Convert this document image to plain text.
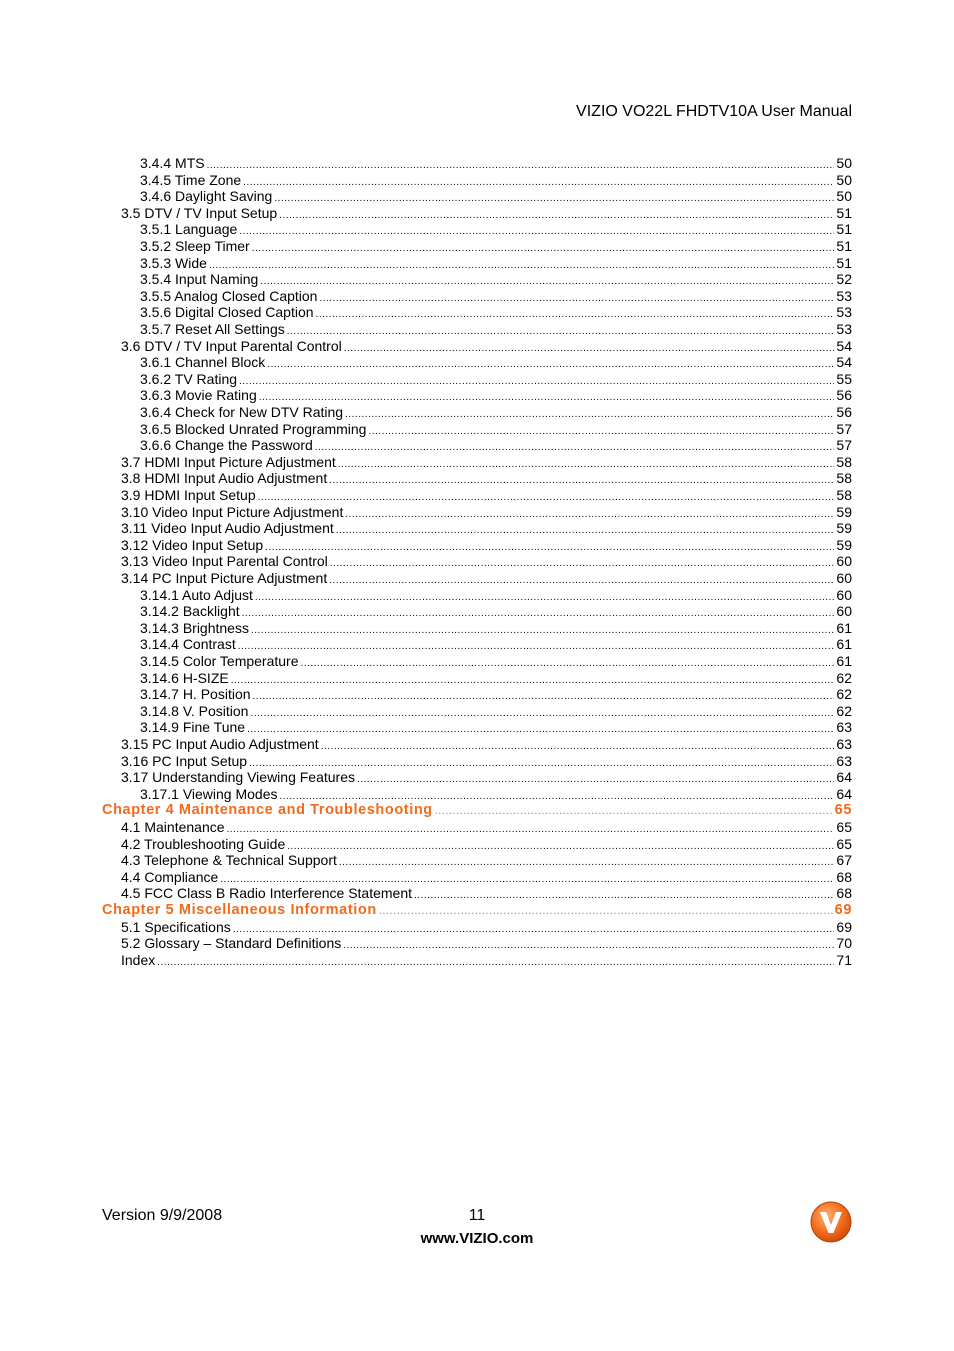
VIZIO VO22L FHDTV10A User Manual
3.4.4 MTS .....	50
3.4.5 Time Zone .....	50
3.4.6 Daylight Saving .....	50
3.5 DTV / TV Input Setup .....	51
3.5.1 Language .....	51
3.5.2 Sleep Timer .....	51
3.5.3 Wide .....	51
3.5.4 Input Naming .....	52
3.5.5 Analog Closed Caption .....	53
3.5.6 Digital Closed Caption .....	53
3.5.7 Reset All Settings .....	53
3.6 DTV / TV Input Parental Control .....	54
3.6.1 Channel Block .....	54
3.6.2 TV Rating .....	55
3.6.3 Movie Rating .....	56
3.6.4 Check for New DTV Rating .....	56
3.6.5 Blocked Unrated Programming .....	57
3.6.6 Change the Password .....	57
3.7 HDMI Input Picture Adjustment .....	58
3.8 HDMI Input Audio Adjustment .....	58
3.9 HDMI Input Setup .....	58
3.10 Video Input Picture Adjustment .....	59
3.11 Video Input Audio Adjustment .....	59
3.12 Video Input Setup .....	59
3.13 Video Input Parental Control .....	60
3.14 PC Input Picture Adjustment .....	60
3.14.1 Auto Adjust .....	60
3.14.2 Backlight .....	60
3.14.3 Brightness .....	61
3.14.4 Contrast .....	61
3.14.5 Color Temperature .....	61
3.14.6 H-SIZE .....	62
3.14.7 H. Position .....	62
3.14.8 V. Position .....	62
3.14.9 Fine Tune .....	63
3.15 PC Input Audio Adjustment .....	63
3.16 PC Input Setup .....	63
3.17 Understanding Viewing Features .....	64
3.17.1 Viewing Modes .....	64
Chapter 4 Maintenance and Troubleshooting .....	65
4.1 Maintenance .....	65
4.2 Troubleshooting Guide .....	65
4.3 Telephone & Technical Support .....	67
4.4 Compliance .....	68
4.5 FCC Class B Radio Interference Statement .....	68
Chapter 5 Miscellaneous Information .....	69
5.1 Specifications .....	69
5.2 Glossary – Standard Definitions .....	70
Index .....	71
Version 9/9/2008	11
www.VIZIO.com
